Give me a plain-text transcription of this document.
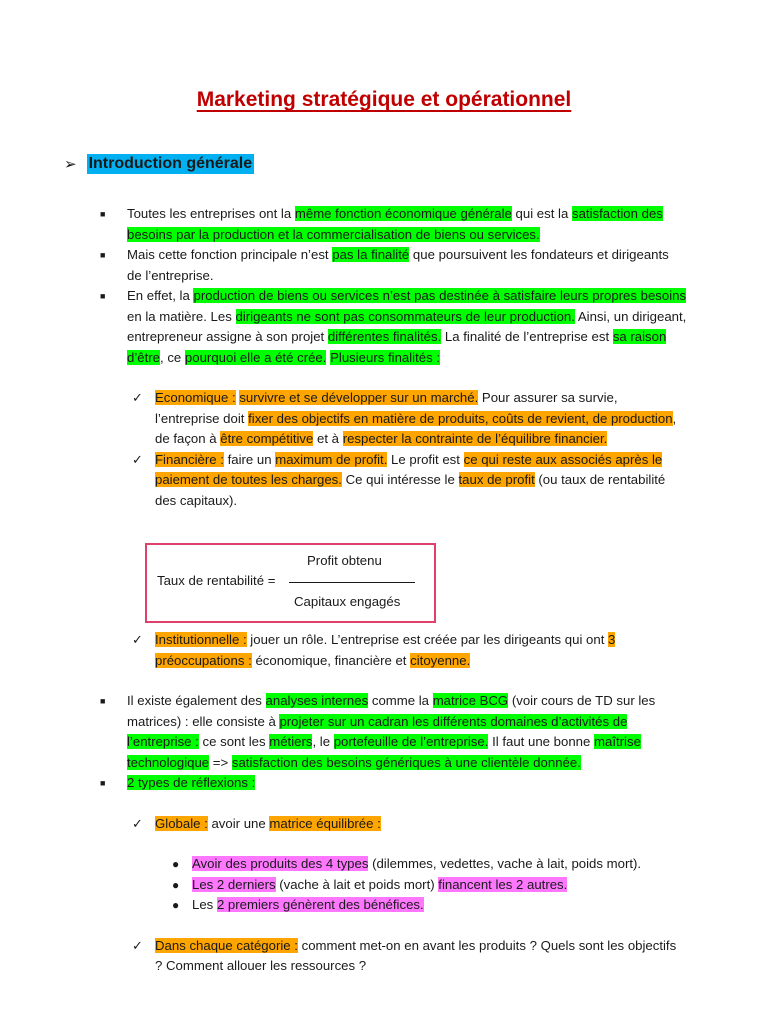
Marketing stratégique et opérationnel
➢ Introduction générale
■ Toutes les entreprises ont la même fonction économique générale qui est la satisfaction des besoins par la production et la commercialisation de biens ou services.
■ Mais cette fonction principale n’est pas la finalité que poursuivent les fondateurs et dirigeants de l’entreprise.
■ En effet, la production de biens ou services n’est pas destinée à satisfaire leurs propres besoins en la matière. Les dirigeants ne sont pas consommateurs de leur production. Ainsi, un dirigeant, entrepreneur assigne à son projet différentes finalités. La finalité de l’entreprise est sa raison d’être, ce pourquoi elle a été crée. Plusieurs finalités :
✓ Economique : survivre et se développer sur un marché. Pour assurer sa survie, l’entreprise doit fixer des objectifs en matière de produits, coûts de revient, de production, de façon à être compétitive et à respecter la contrainte de l’équilibre financier.
✓ Financière : faire un maximum de profit. Le profit est ce qui reste aux associés après le paiement de toutes les charges. Ce qui intéresse le taux de profit (ou taux de rentabilité des capitaux).
Profit obtenu
Taux de rentabilité =
Capitaux engagés
✓ Institutionnelle : jouer un rôle. L’entreprise est créée par les dirigeants qui ont 3 préoccupations : économique, financière et citoyenne.
■ Il existe également des analyses internes comme la matrice BCG (voir cours de TD sur les matrices) : elle consiste à projeter sur un cadran les différents domaines d’activités de l’entreprise : ce sont les métiers, le portefeuille de l’entreprise. Il faut une bonne maîtrise technologique => satisfaction des besoins génériques à une clientèle donnée.
■ 2 types de réflexions :
✓ Globale : avoir une matrice équilibrée :
● Avoir des produits des 4 types (dilemmes, vedettes, vache à lait, poids mort).
● Les 2 derniers (vache à lait et poids mort) financent les 2 autres.
● Les 2 premiers génèrent des bénéfices.
✓ Dans chaque catégorie : comment met-on en avant les produits ? Quels sont les objectifs ? Comment allouer les ressources ?
